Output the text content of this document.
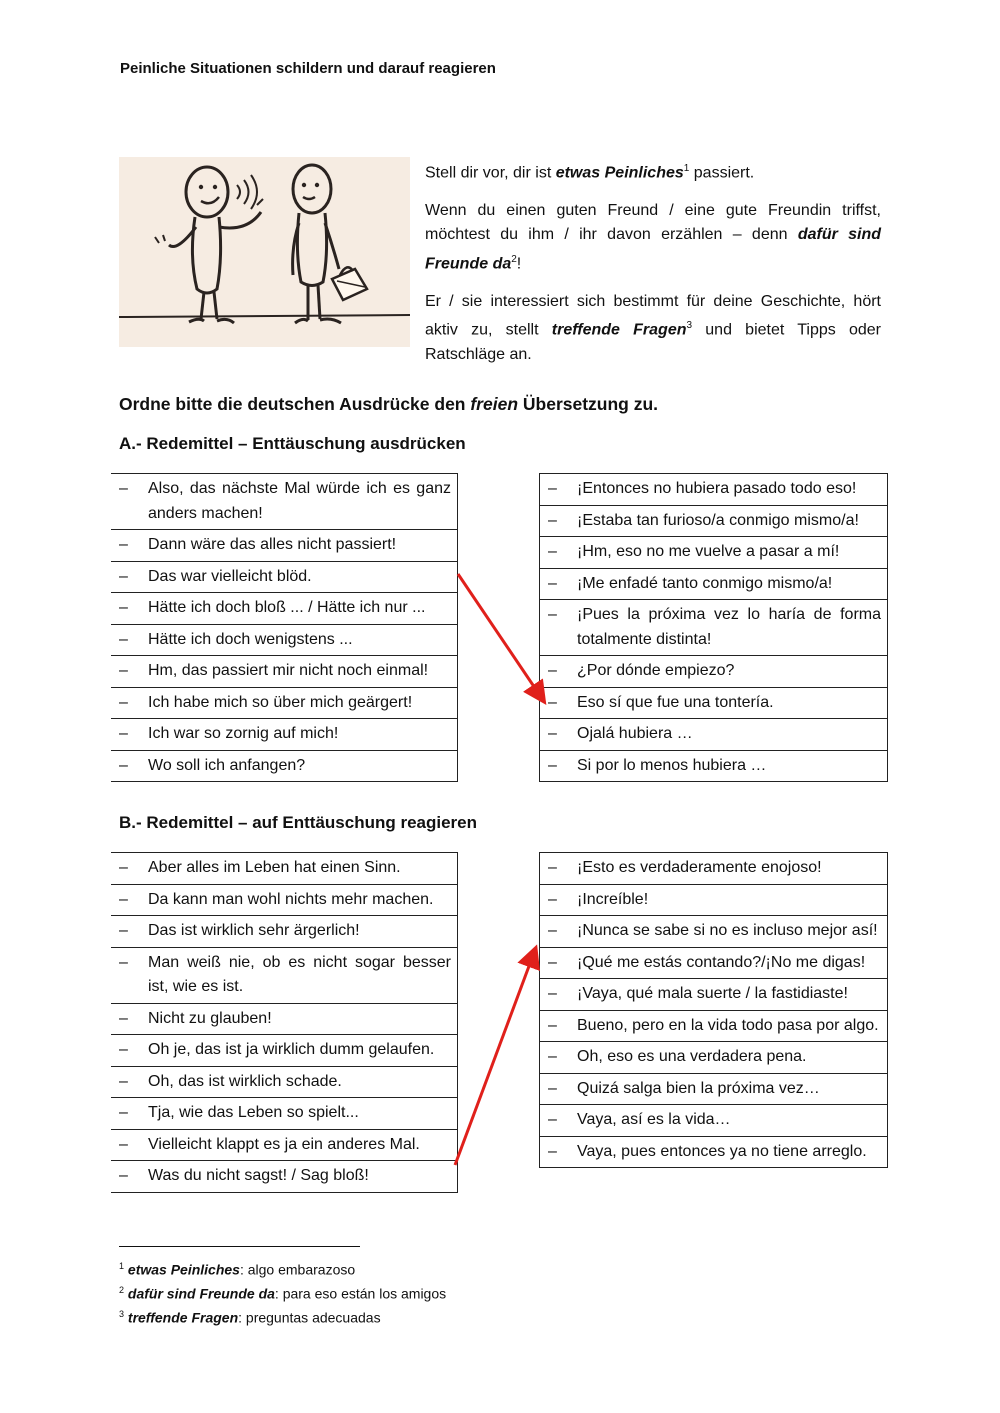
Peinliche Situationen schildern und darauf reagieren

Stell dir vor, dir ist etwas Peinliches$^1$ passiert.

Wenn du einen guten Freund / eine gute Freundin triffst, möchtest du ihm / ihr davon erzählen – denn dafür sind Freunde $da^2$!

Er / sie interessiert sich bestimmt für deine Geschichte, hört aktiv zu, stellt treffende Fragen$^3$ und bietet Tipps oder Ratschläge an.

Ordne bitte die deutschen Ausdrücke den freien Übersetzung zu.
A.- Redemittel – Enttäuschung ausdrücken
–	Also, das nächste Mal würde ich es ganz anders machen!

–	Dann wäre das alles nicht passiert!

–	Das war vielleicht blöd.

–	Hätte ich doch bloß ... / Hätte ich nur ...

–	Hätte ich doch wenigstens ...

–	Hm, das passiert mir nicht noch einmal!

–	Ich habe mich so über mich geärgert!

–	Ich war so zornig auf mich!

–	Wo soll ich anfangen?
–	¡Entonces no hubiera pasado todo eso!

–	¡Estaba tan furioso/a conmigo mismo/a!

–	¡Hm, eso no me vuelve a pasar a mí!

–	¡Me enfadé tanto conmigo mismo/a!

–	¡Pues la próxima vez lo haría de forma totalmente distinta!

–	¿Por dónde empiezo?

–	Eso sí que fue una tontería.

–	Ojalá hubiera …

–	Si por lo menos hubiera …
B.- Redemittel – auf Enttäuschung reagieren
–	Aber alles im Leben hat einen Sinn.

–	Da kann man wohl nichts mehr machen.

–	Das ist wirklich sehr ärgerlich!

–	Man weiß nie, ob es nicht sogar besser ist, wie es ist.

–	Nicht zu glauben!

–	Oh je, das ist ja wirklich dumm gelaufen.

–	Oh, das ist wirklich schade.

–	Tja, wie das Leben so spielt...

–	Vielleicht klappt es ja ein anderes Mal.

–	Was du nicht sagst! / Sag bloß!
–	¡Esto es verdaderamente enojoso!

–	¡Increíble!

–	¡Nunca se sabe si no es incluso mejor así!

–	¡Qué me estás contando?/¡No me digas!

–	¡Vaya, qué mala suerte / la fastidiaste!

–	Bueno, pero en la vida todo pasa por algo.

–	Oh, eso es una verdadera pena.

–	Quizá salga bien la próxima vez…

–	Vaya, así es la vida…

–	Vaya, pues entonces ya no tiene arreglo.
$^1$ etwas Peinliches: algo embarazoso
$^2$ dafür sind Freunde da: para eso están los amigos
$^3$ treffende Fragen: preguntas adecuadas
